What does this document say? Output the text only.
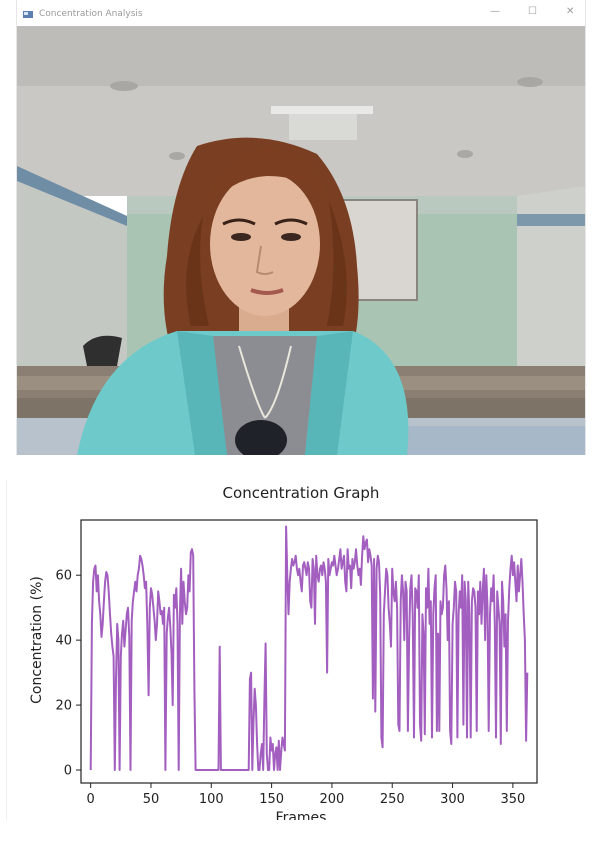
Concentration Analysis	—	☐	✕
Concentration Graph
0	50	100	150	200	250	300	350
0
20
40
60
Frames
Concentration (%)
